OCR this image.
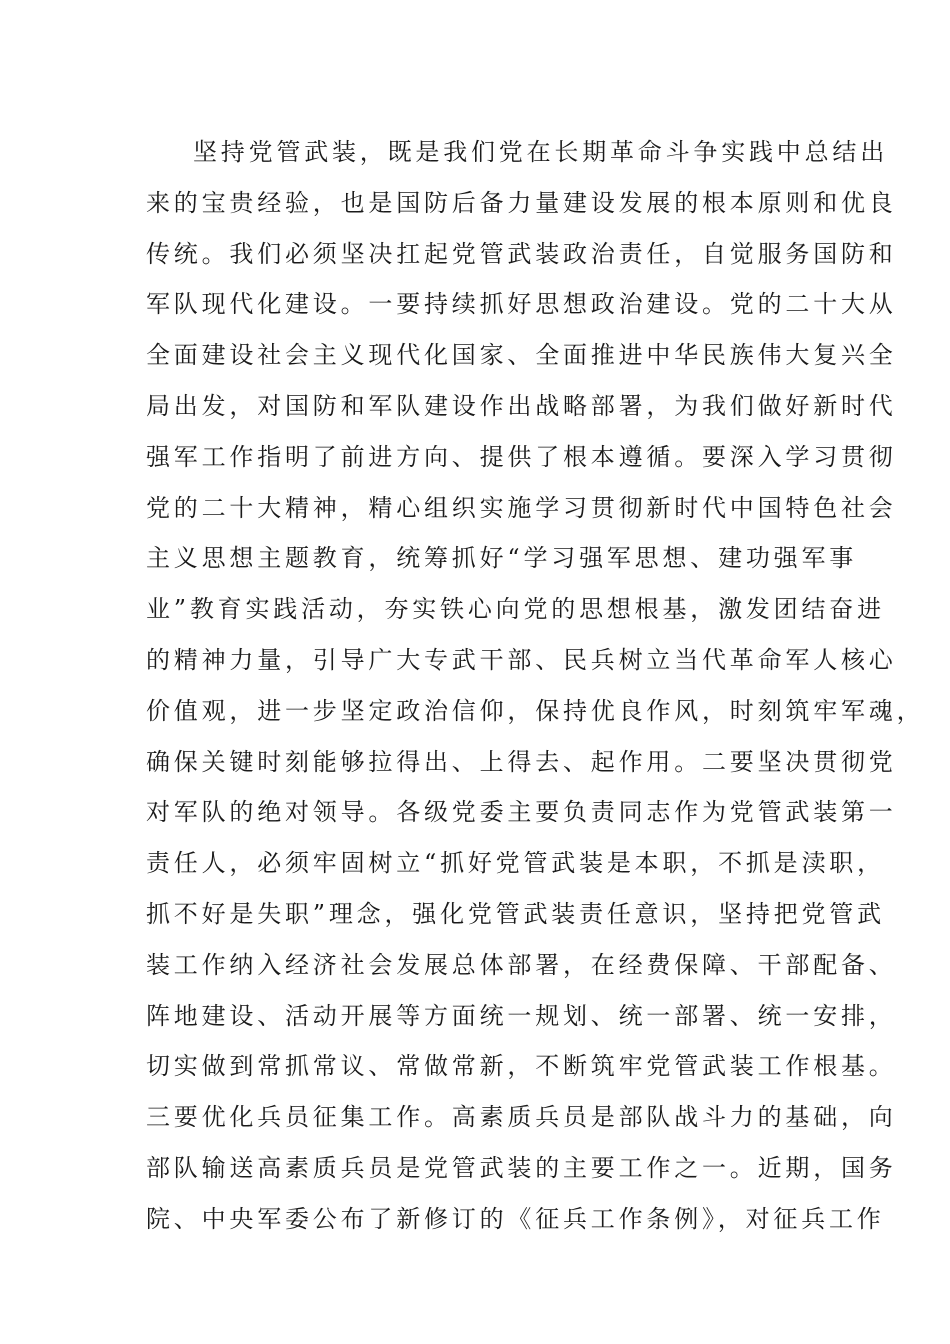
坚持党管武装，既是我们党在长期革命斗争实践中总结出
来的宝贵经验，也是国防后备力量建设发展的根本原则和优良
传统。我们必须坚决扛起党管武装政治责任，自觉服务国防和
军队现代化建设。一要持续抓好思想政治建设。党的二十大从
全面建设社会主义现代化国家、全面推进中华民族伟大复兴全
局出发，对国防和军队建设作出战略部署，为我们做好新时代
强军工作指明了前进方向、提供了根本遵循。要深入学习贯彻
党的二十大精神，精心组织实施学习贯彻新时代中国特色社会
主义思想主题教育，统筹抓好“学习强军思想、建功强军事
业”教育实践活动，夯实铁心向党的思想根基，激发团结奋进
的精神力量，引导广大专武干部、民兵树立当代革命军人核心
价值观，进一步坚定政治信仰，保持优良作风，时刻筑牢军魂，
确保关键时刻能够拉得出、上得去、起作用。二要坚决贯彻党
对军队的绝对领导。各级党委主要负责同志作为党管武装第一
责任人，必须牢固树立“抓好党管武装是本职，不抓是渎职，
抓不好是失职”理念，强化党管武装责任意识，坚持把党管武
装工作纳入经济社会发展总体部署，在经费保障、干部配备、
阵地建设、活动开展等方面统一规划、统一部署、统一安排，
切实做到常抓常议、常做常新，不断筑牢党管武装工作根基。
三要优化兵员征集工作。高素质兵员是部队战斗力的基础，向
部队输送高素质兵员是党管武装的主要工作之一。近期，国务
院、中央军委公布了新修订的《征兵工作条例》，对征兵工作
